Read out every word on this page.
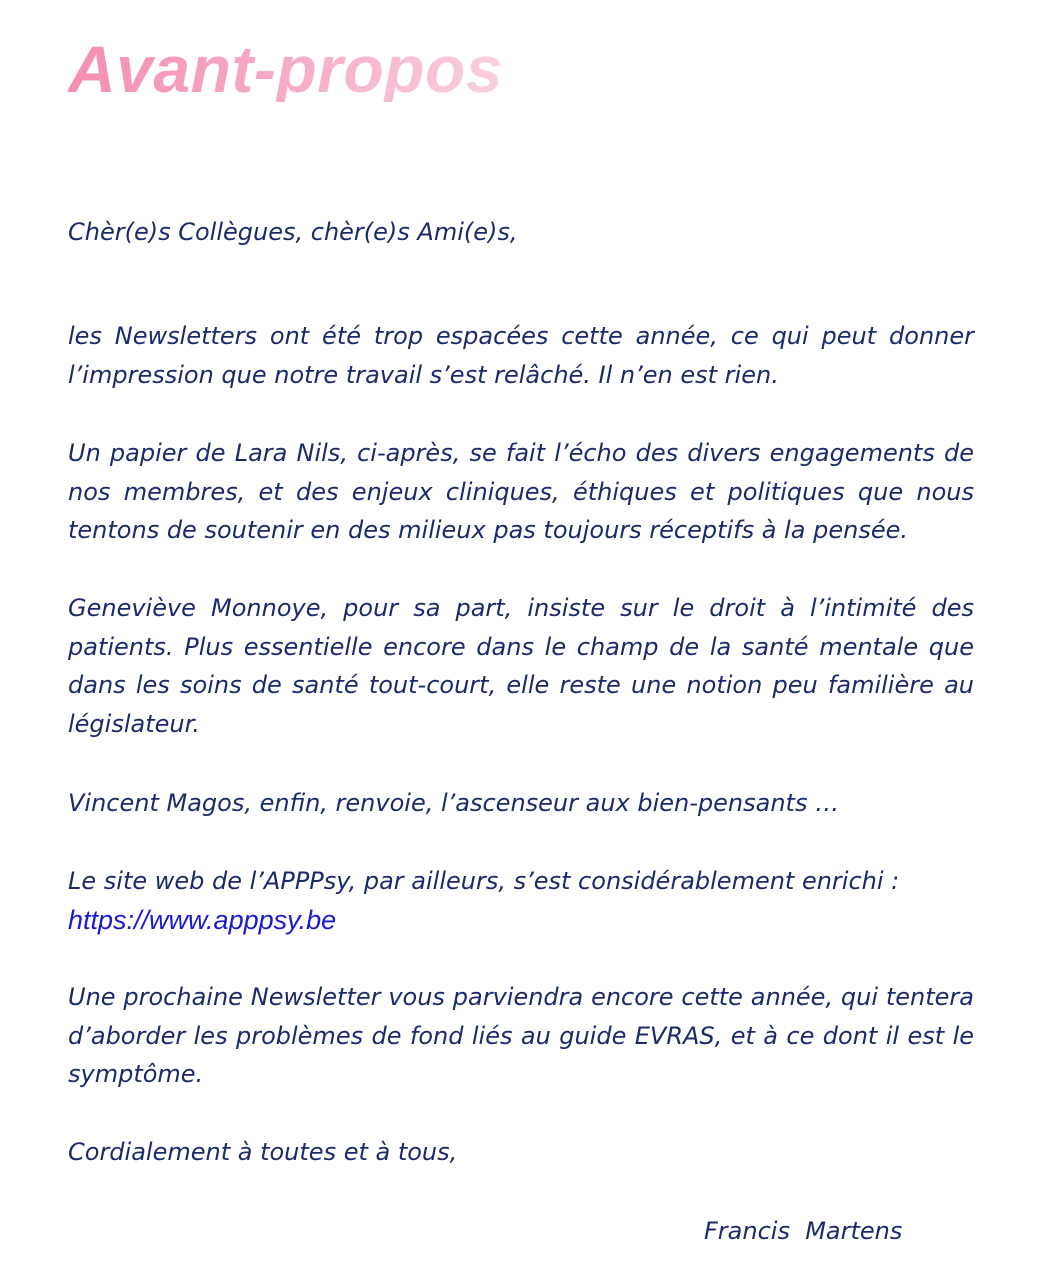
Avant-propos

Chèr(e)s Collègues, chèr(e)s Ami(e)s,

les Newsletters ont été trop espacées cette année, ce qui peut donner l’impression que notre travail s’est relâché. Il n’en est rien.

Un papier de Lara Nils, ci-après, se fait l’écho des divers engagements de nos membres, et des enjeux cliniques, éthiques et politiques que nous tentons de soutenir en des milieux pas toujours réceptifs à la pensée.

Geneviève Monnoye, pour sa part, insiste sur le droit à l’intimité des patients. Plus essentielle encore dans le champ de la santé mentale que dans les soins de santé tout-court, elle reste une notion peu familière au législateur.

Vincent Magos, enfin, renvoie, l’ascenseur aux bien-pensants …

Le site web de l’APPPsy, par ailleurs, s’est considérablement enrichi :

https://www.apppsy.be

Une prochaine Newsletter vous parviendra encore cette année, qui tentera d’aborder les problèmes de fond liés au guide EVRAS, et à ce dont il est le symptôme.

Cordialement à toutes et à tous,

Francis  Martens
